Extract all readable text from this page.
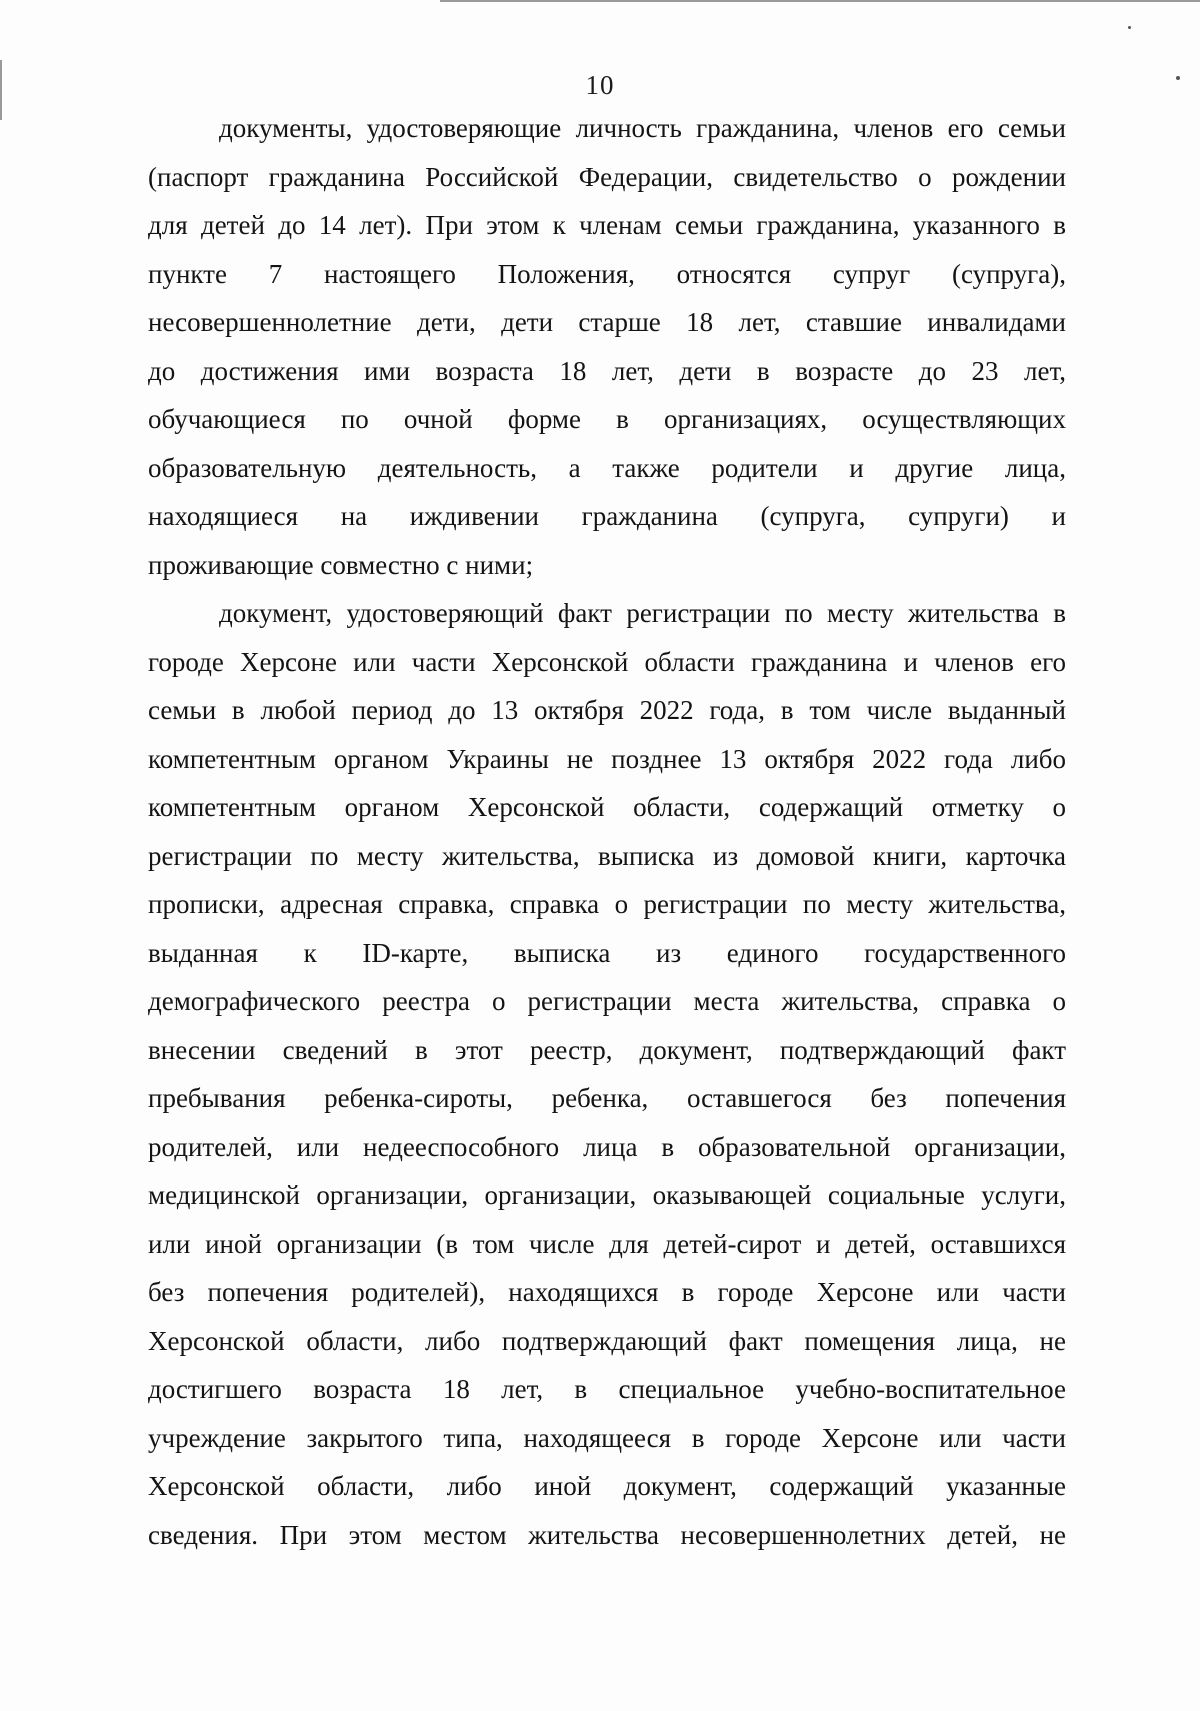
10
документы, удостоверяющие личность гражданина, членов его семьи
(паспорт гражданина Российской Федерации, свидетельство о рождении
для детей до 14 лет). При этом к членам семьи гражданина, указанного в
пункте 7 настоящего Положения, относятся супруг (супруга),
несовершеннолетние дети, дети старше 18 лет, ставшие инвалидами
до достижения ими возраста 18 лет, дети в возрасте до 23 лет,
обучающиеся по очной форме в организациях, осуществляющих
образовательную деятельность, а также родители и другие лица,
находящиеся на иждивении гражданина (супруга, супруги) и
проживающие совместно с ними;
документ, удостоверяющий факт регистрации по месту жительства в
городе Херсоне или части Херсонской области гражданина и членов его
семьи в любой период до 13 октября 2022 года, в том числе выданный
компетентным органом Украины не позднее 13 октября 2022 года либо
компетентным органом Херсонской области, содержащий отметку о
регистрации по месту жительства, выписка из домовой книги, карточка
прописки, адресная справка, справка о регистрации по месту жительства,
выданная к ID-карте, выписка из единого государственного
демографического реестра о регистрации места жительства, справка о
внесении сведений в этот реестр, документ, подтверждающий факт
пребывания ребенка-сироты, ребенка, оставшегося без попечения
родителей, или недееспособного лица в образовательной организации,
медицинской организации, организации, оказывающей социальные услуги,
или иной организации (в том числе для детей-сирот и детей, оставшихся
без попечения родителей), находящихся в городе Херсоне или части
Херсонской области, либо подтверждающий факт помещения лица, не
достигшего возраста 18 лет, в специальное учебно-воспитательное
учреждение закрытого типа, находящееся в городе Херсоне или части
Херсонской области, либо иной документ, содержащий указанные
сведения. При этом местом жительства несовершеннолетних детей, не
